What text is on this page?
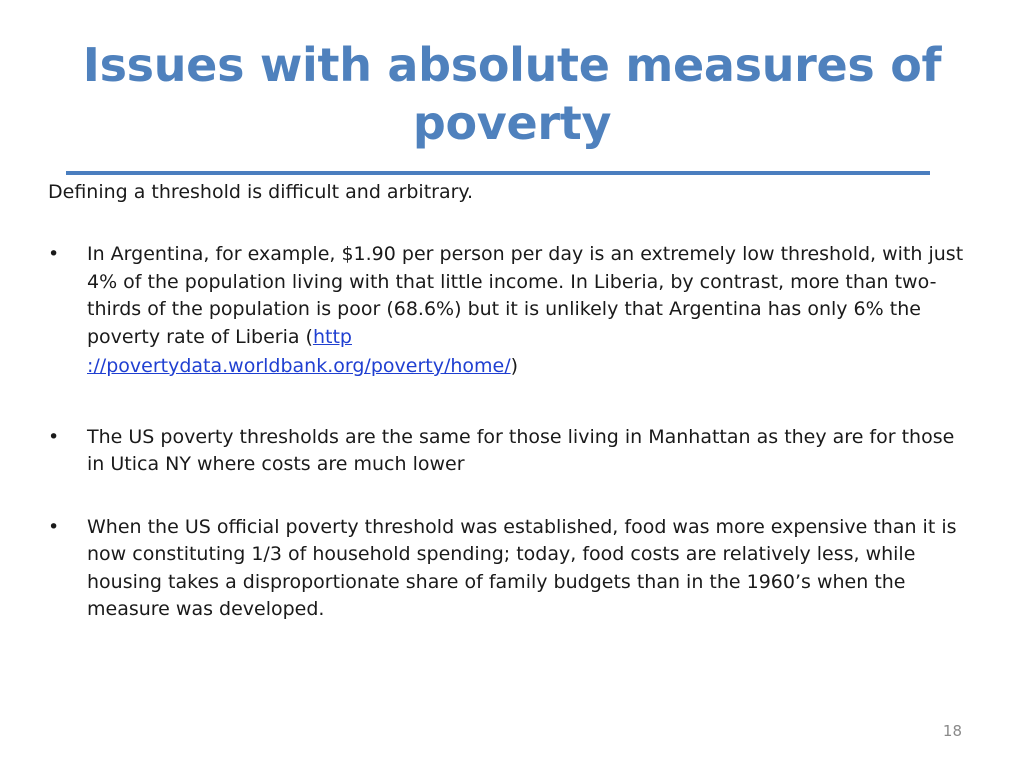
Issues with absolute measures of poverty

Defining a threshold is difficult and arbitrary.

• In Argentina, for example, $1.90 per person per day is an extremely low threshold, with just 4% of the population living with that little income. In Liberia, by contrast, more than two-thirds of the population is poor (68.6%) but it is unlikely that Argentina has only 6% the poverty rate of Liberia (http
://povertydata.worldbank.org/poverty/home/)
• The US poverty thresholds are the same for those living in Manhattan as they are for those in Utica NY where costs are much lower
• When the US official poverty threshold was established, food was more expensive than it is now constituting 1/3 of household spending; today, food costs are relatively less, while housing takes a disproportionate share of family budgets than in the 1960’s when the measure was developed.
18
